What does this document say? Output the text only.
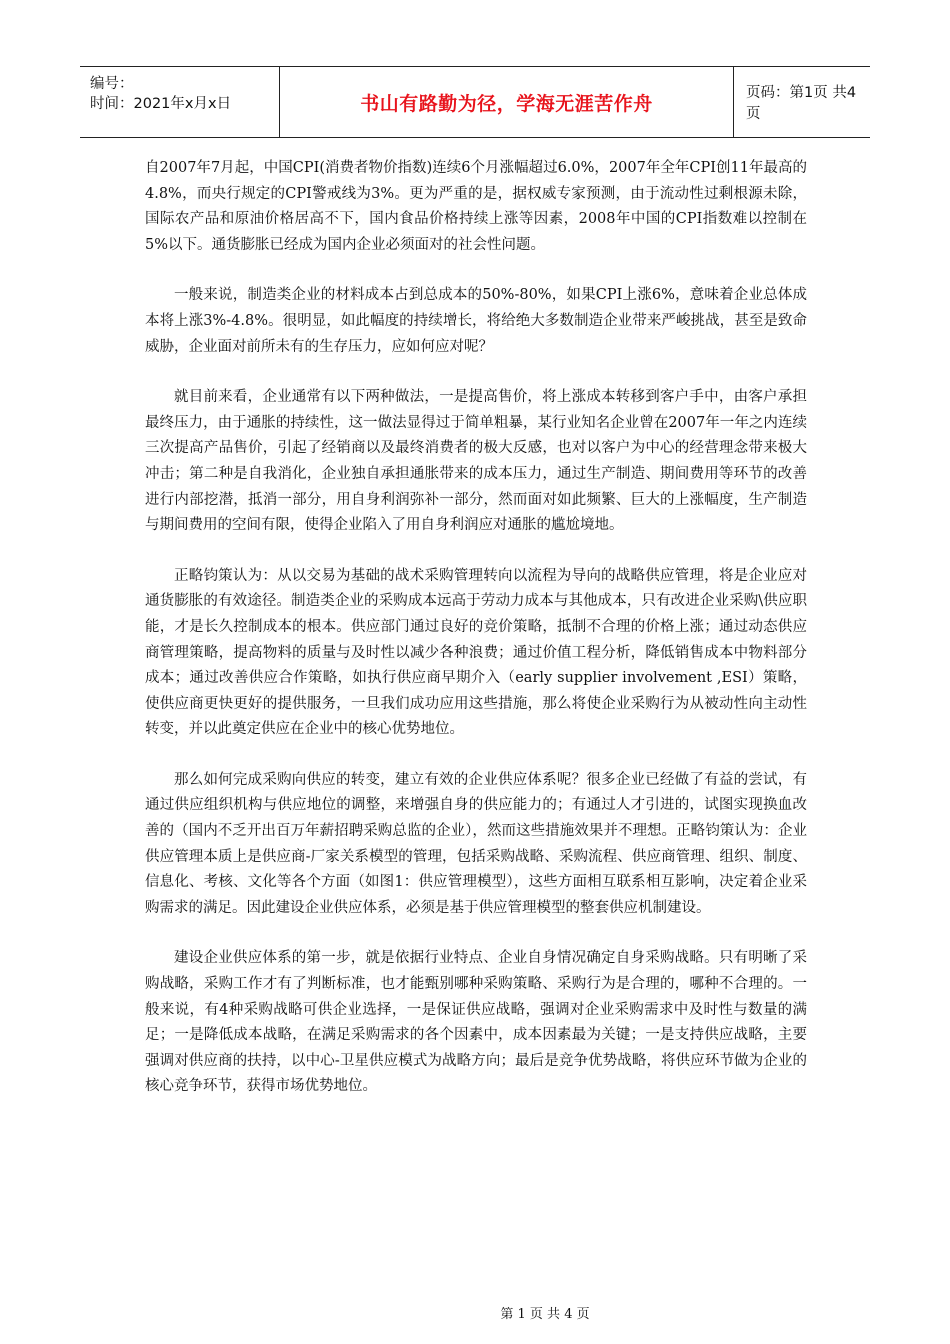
编号：
时间：2021年x月x日	书山有路勤为径，学海无涯苦作舟	页码：第1页 共4页

自2007年7月起，中国CPI(消费者物价指数)连续6个月涨幅超过6.0%，2007年全年CPI创11年最高的4.8%，而央行规定的CPI警戒线为3%。更为严重的是，据权威专家预测，由于流动性过剩根源未除，国际农产品和原油价格居高不下，国内食品价格持续上涨等因素，2008年中国的CPI指数难以控制在5%以下。通货膨胀已经成为国内企业必须面对的社会性问题。

一般来说，制造类企业的材料成本占到总成本的50%-80%，如果CPI上涨6%，意味着企业总体成本将上涨3%-4.8%。很明显，如此幅度的持续增长，将给绝大多数制造企业带来严峻挑战，甚至是致命威胁，企业面对前所未有的生存压力，应如何应对呢？

就目前来看，企业通常有以下两种做法，一是提高售价，将上涨成本转移到客户手中，由客户承担最终压力，由于通胀的持续性，这一做法显得过于简单粗暴，某行业知名企业曾在2007年一年之内连续三次提高产品售价，引起了经销商以及最终消费者的极大反感，也对以客户为中心的经营理念带来极大冲击；第二种是自我消化，企业独自承担通胀带来的成本压力，通过生产制造、期间费用等环节的改善进行内部挖潜，抵消一部分，用自身利润弥补一部分，然而面对如此频繁、巨大的上涨幅度，生产制造与期间费用的空间有限，使得企业陷入了用自身利润应对通胀的尴尬境地。

正略钧策认为：从以交易为基础的战术采购管理转向以流程为导向的战略供应管理，将是企业应对通货膨胀的有效途径。制造类企业的采购成本远高于劳动力成本与其他成本，只有改进企业采购\供应职能，才是长久控制成本的根本。供应部门通过良好的竞价策略，抵制不合理的价格上涨；通过动态供应商管理策略，提高物料的质量与及时性以减少各种浪费；通过价值工程分析，降低销售成本中物料部分成本；通过改善供应合作策略，如执行供应商早期介入（early supplier involvement ,ESI）策略，使供应商更快更好的提供服务，一旦我们成功应用这些措施，那么将使企业采购行为从被动性向主动性转变，并以此奠定供应在企业中的核心优势地位。

那么如何完成采购向供应的转变，建立有效的企业供应体系呢？很多企业已经做了有益的尝试，有通过供应组织机构与供应地位的调整，来增强自身的供应能力的；有通过人才引进的，试图实现换血改善的（国内不乏开出百万年薪招聘采购总监的企业），然而这些措施效果并不理想。正略钧策认为：企业供应管理本质上是供应商-厂家关系模型的管理，包括采购战略、采购流程、供应商管理、组织、制度、信息化、考核、文化等各个方面（如图1：供应管理模型），这些方面相互联系相互影响，决定着企业采购需求的满足。因此建设企业供应体系，必须是基于供应管理模型的整套供应机制建设。

建设企业供应体系的第一步，就是依据行业特点、企业自身情况确定自身采购战略。只有明晰了采购战略，采购工作才有了判断标准，也才能甄别哪种采购策略、采购行为是合理的，哪种不合理的。一般来说，有4种采购战略可供企业选择，一是保证供应战略，强调对企业采购需求中及时性与数量的满足；一是降低成本战略，在满足采购需求的各个因素中，成本因素最为关键；一是支持供应战略，主要强调对供应商的扶持，以中心-卫星供应模式为战略方向；最后是竞争优势战略，将供应环节做为企业的核心竞争环节，获得市场优势地位。

第 1 页 共 4 页
